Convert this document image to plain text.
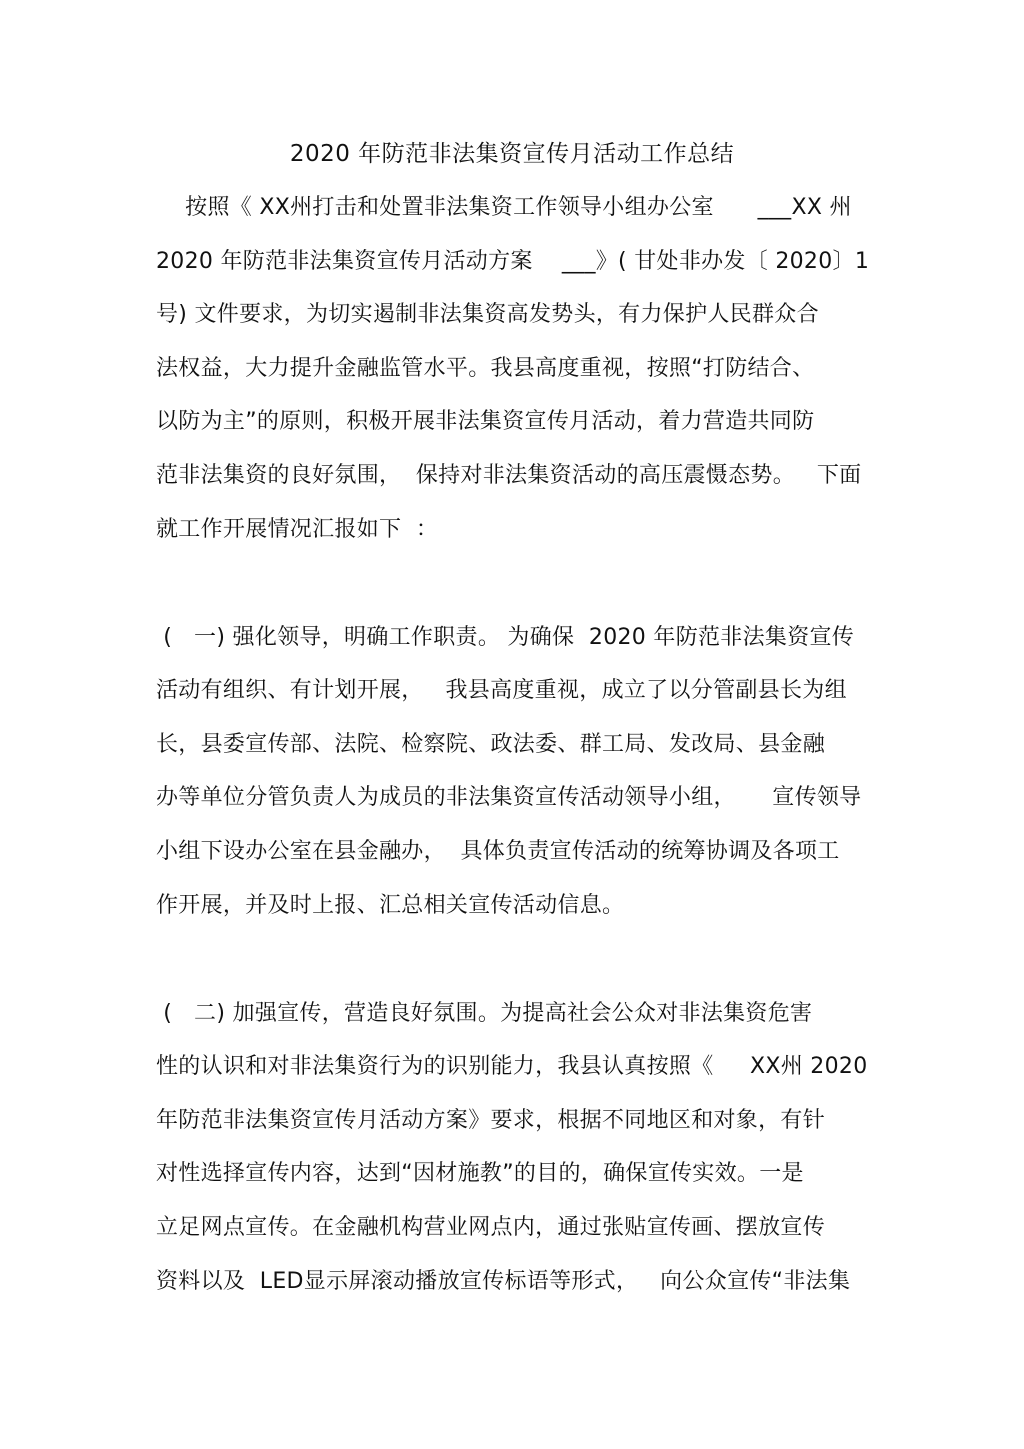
2020 年防范非法集资宣传月活动工作总结
按照《 XX州打击和处置非法集资工作领导小组办公室      ___XX 州
2020 年防范非法集资宣传月活动方案    ___》( 甘处非办发〔 2020〕1
号) 文件要求，为切实遏制非法集资高发势头，有力保护人民群众合
法权益，大力提升金融监管水平。我县高度重视，按照“打防结合、
以防为主”的原则，积极开展非法集资宣传月活动，着力营造共同防
范非法集资的良好氛围，  保持对非法集资活动的高压震慑态势。   下面
就工作开展情况汇报如下  ：
(   一) 强化领导，明确工作职责。 为确保  2020 年防范非法集资宣传
活动有组织、有计划开展，   我县高度重视，成立了以分管副县长为组
长，县委宣传部、法院、检察院、政法委、群工局、发改局、县金融
办等单位分管负责人为成员的非法集资宣传活动领导小组，     宣传领导
小组下设办公室在县金融办，  具体负责宣传活动的统筹协调及各项工
作开展，并及时上报、汇总相关宣传活动信息。
(   二) 加强宣传，营造良好氛围。为提高社会公众对非法集资危害
性的认识和对非法集资行为的识别能力，我县认真按照《     XX州 2020
年防范非法集资宣传月活动方案》要求，根据不同地区和对象，有针
对性选择宣传内容，达到“因材施教”的目的，确保宣传实效。一是
立足网点宣传。在金融机构营业网点内，通过张贴宣传画、摆放宣传
资料以及  LED显示屏滚动播放宣传标语等形式，   向公众宣传“非法集
